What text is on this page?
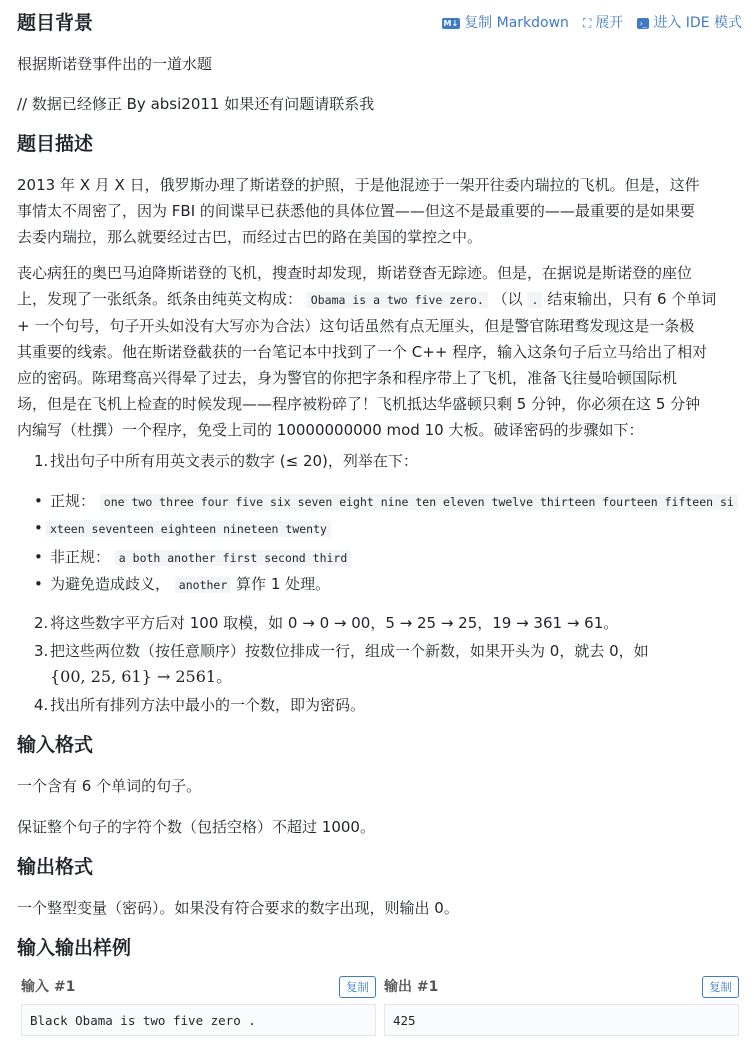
M↓ 复制 Markdown ⛶ 展开 ›_ 进入 IDE 模式
题目背景

根据斯诺登事件出的一道水题

// 数据已经修正 By absi2011 如果还有问题请联系我

题目描述

2013 年 X 月 X 日，俄罗斯办理了斯诺登的护照，于是他混迹于一架开往委内瑞拉的飞机。但是，这件

事情太不周密了，因为 FBI 的间谍早已获悉他的具体位置——但这不是最重要的——最重要的是如果要

去委内瑞拉，那么就要经过古巴，而经过古巴的路在美国的掌控之中。

丧心病狂的奥巴马迫降斯诺登的飞机，搜查时却发现，斯诺登杳无踪迹。但是，在据说是斯诺登的座位

上，发现了一张纸条。纸条由纯英文构成： Obama is a two five zero. （以 . 结束输出，只有 6 个单词

+ 一个句号，句子开头如没有大写亦为合法）这句话虽然有点无厘头，但是警官陈珺骛发现这是一条极

其重要的线索。他在斯诺登截获的一台笔记本中找到了一个 C++ 程序，输入这条句子后立马给出了相对

应的密码。陈珺骛高兴得晕了过去，身为警官的你把字条和程序带上了飞机，准备飞往曼哈顿国际机

场，但是在飞机上检查的时候发现——程序被粉碎了！飞机抵达华盛顿只剩 5 分钟，你必须在这 5 分钟

内编写（杜撰）一个程序，免受上司的 10000000000 mod 10 大板。破译密码的步骤如下：

1. 找出句子中所有用英文表示的数字 (≤ 20)，列举在下：
• 正规： one two three four five six seven eight nine ten eleven twelve thirteen fourteen fifteen si
• xteen seventeen eighteen nineteen twenty
• 非正规： a both another first second third
• 为避免造成歧义， another 算作 1 处理。
2. 将这些数字平方后对 100 取模，如 0 → 0 → 00，5 → 25 → 25，19 → 361 → 61。
3. 把这些两位数（按任意顺序）按数位排成一行，组成一个新数，如果开头为 0，就去 0，如
{00, 25, 61} → 2561。
4. 找出所有排列方法中最小的一个数，即为密码。
输入格式

一个含有 6 个单词的句子。

保证整个句子的字符个数（包括空格）不超过 1000。

输出格式

一个整型变量（密码）。如果没有符合要求的数字出现，则输出 0。

输入输出样例
输入 #1	复制
Black Obama is two five zero .
输出 #1	复制
425
